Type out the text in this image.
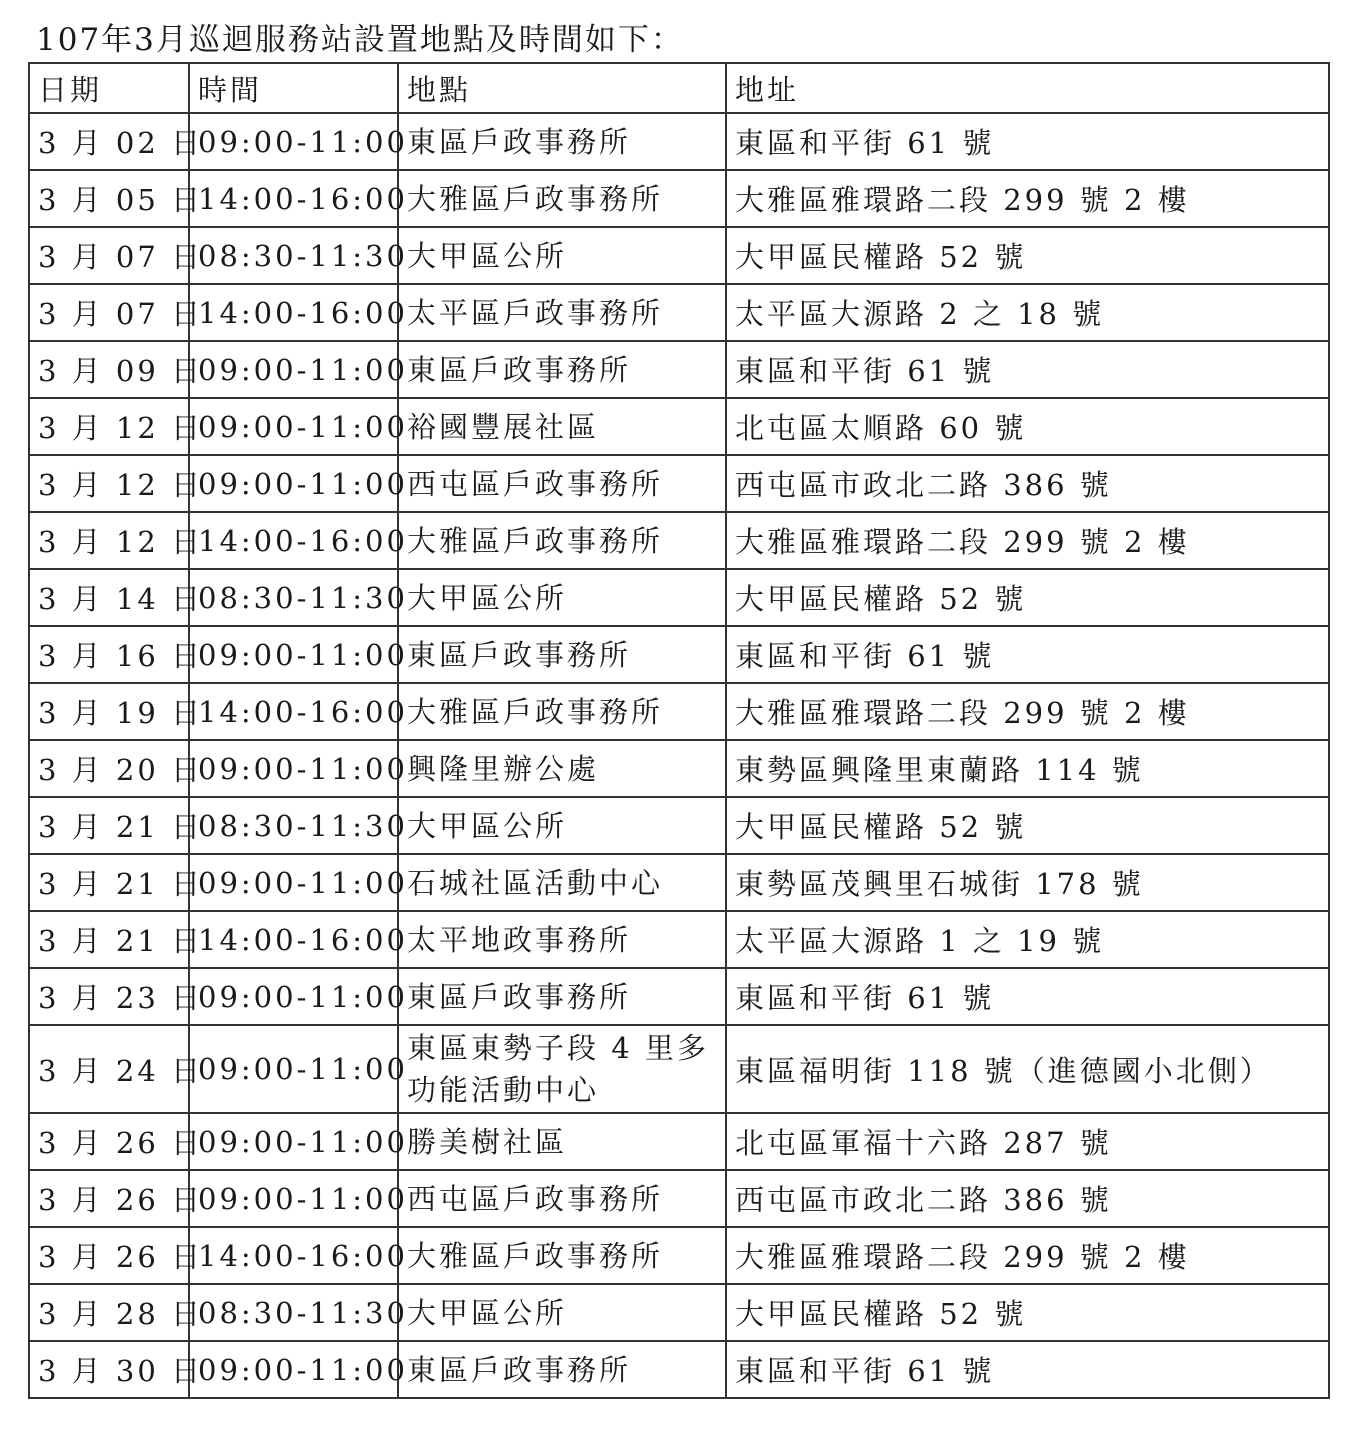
107年3月巡迴服務站設置地點及時間如下：
日期	時間	地點	地址
3 月 02 日	09:00-11:00	東區戶政事務所	東區和平街 61 號
3 月 05 日	14:00-16:00	大雅區戶政事務所	大雅區雅環路二段 299 號 2 樓
3 月 07 日	08:30-11:30	大甲區公所	大甲區民權路 52 號
3 月 07 日	14:00-16:00	太平區戶政事務所	太平區大源路 2 之 18 號
3 月 09 日	09:00-11:00	東區戶政事務所	東區和平街 61 號
3 月 12 日	09:00-11:00	裕國豐展社區	北屯區太順路 60 號
3 月 12 日	09:00-11:00	西屯區戶政事務所	西屯區市政北二路 386 號
3 月 12 日	14:00-16:00	大雅區戶政事務所	大雅區雅環路二段 299 號 2 樓
3 月 14 日	08:30-11:30	大甲區公所	大甲區民權路 52 號
3 月 16 日	09:00-11:00	東區戶政事務所	東區和平街 61 號
3 月 19 日	14:00-16:00	大雅區戶政事務所	大雅區雅環路二段 299 號 2 樓
3 月 20 日	09:00-11:00	興隆里辦公處	東勢區興隆里東蘭路 114 號
3 月 21 日	08:30-11:30	大甲區公所	大甲區民權路 52 號
3 月 21 日	09:00-11:00	石城社區活動中心	東勢區茂興里石城街 178 號
3 月 21 日	14:00-16:00	太平地政事務所	太平區大源路 1 之 19 號
3 月 23 日	09:00-11:00	東區戶政事務所	東區和平街 61 號
3 月 24 日	09:00-11:00	東區東勢子段 4 里多功能活動中心	東區福明街 118 號（進德國小北側）
3 月 26 日	09:00-11:00	勝美樹社區	北屯區軍福十六路 287 號
3 月 26 日	09:00-11:00	西屯區戶政事務所	西屯區市政北二路 386 號
3 月 26 日	14:00-16:00	大雅區戶政事務所	大雅區雅環路二段 299 號 2 樓
3 月 28 日	08:30-11:30	大甲區公所	大甲區民權路 52 號
3 月 30 日	09:00-11:00	東區戶政事務所	東區和平街 61 號
